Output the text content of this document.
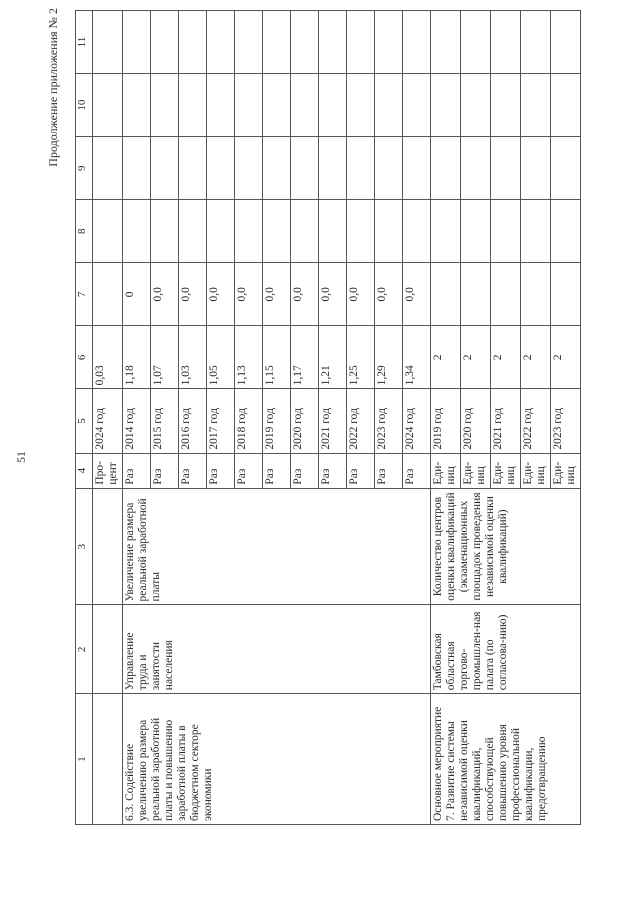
51
Продолжение приложения № 2
1	2	3	4	5	6	7	8	9	10	11
			Про-цент	2024 год	0,03					
6.3. Содействие увеличению размера реальной заработной платы и повышению заработной платы в бюджетном секторе экономики	Управление труда и занятости населения	Увеличение размера реальной заработной платы	Раз	2014 год	1,18	0				
			Раз	2015 год	1,07	0,0				
			Раз	2016 год	1,03	0,0				
			Раз	2017 год	1,05	0,0				
			Раз	2018 год	1,13	0,0				
			Раз	2019 год	1,15	0,0				
			Раз	2020 год	1,17	0,0				
			Раз	2021 год	1,21	0,0				
			Раз	2022 год	1,25	0,0				
			Раз	2023 год	1,29	0,0				
			Раз	2024 год	1,34	0,0				
Основное мероприятие 7. Развитие системы независимой оценки квалификаций, способствующей повышению уровня профессиональной квалификации, предотвращению	Тамбовская областная торгово-промышлен-ная палата (по согласова-нию)	Количество центров оценки квалификаций (экзаменационных площадок проведения независимой оценки квалификаций)	Еди-ниц	2019 год	2					
			Еди-ниц	2020 год	2					
			Еди-ниц	2021 год	2					
			Еди-ниц	2022 год	2					
			Еди-ниц	2023 год	2					
